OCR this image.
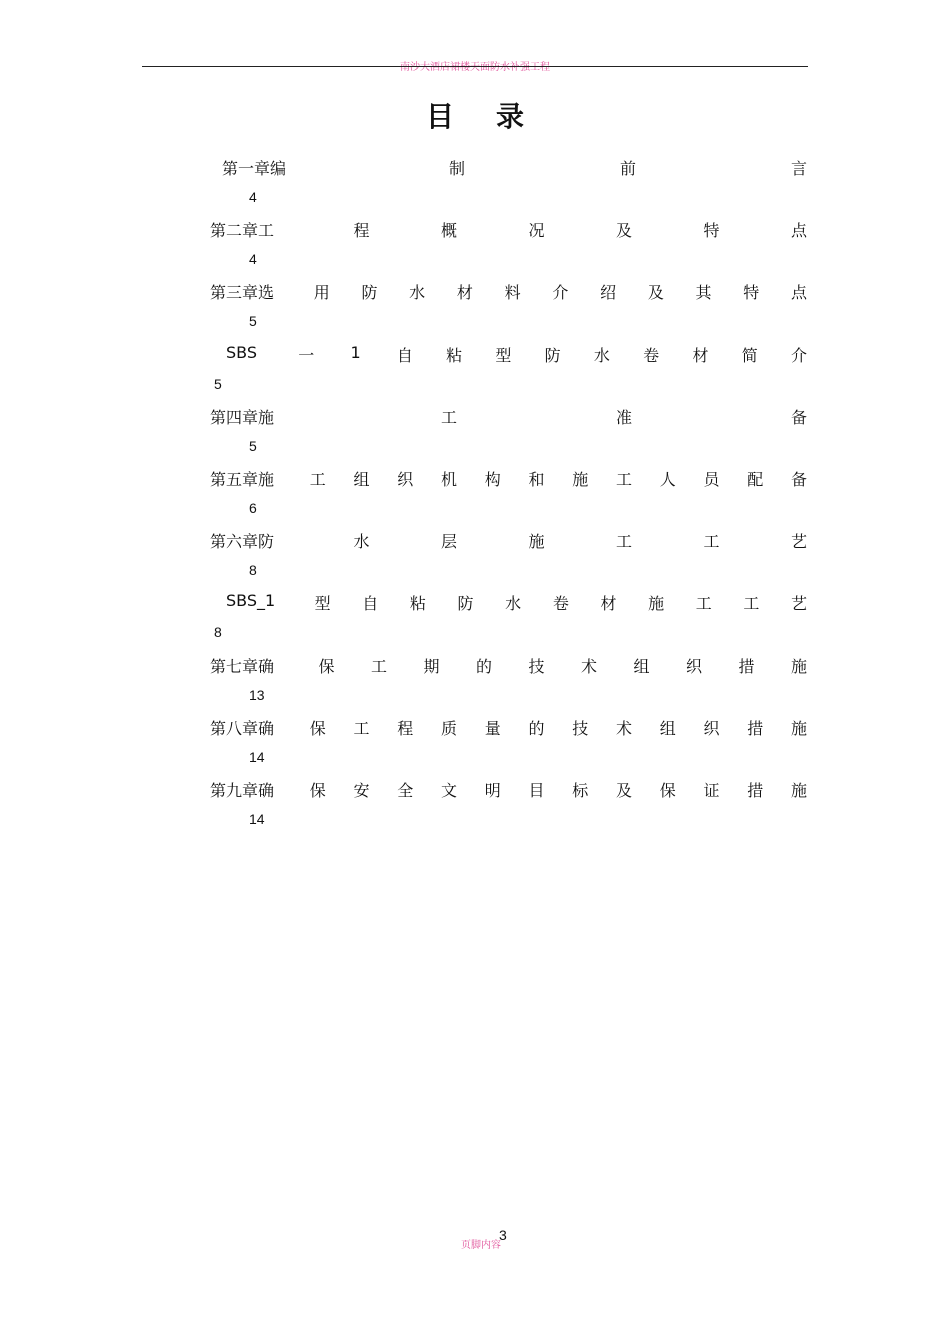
南沙大酒店裙楼天面防水补强工程
目录
第一章编	制	前	言
4
第二章工	程	概	况	及	特	点
4
第三章选 用 防 水 材 料 介 绍 及 其 特 点
5
SBS	一 1 自 粘 型 防 水 卷 材 简 介
5
第四章施	工	准	备
5
第五章施 工 组 织 机 构 和 施 工 人 员 配 备
6
第六章防	水	层	施	工	工	艺
8
SBS_1 型 自 粘 防 水 卷 材 施 工 工 艺
8
第七章确	保 工 期 的 技 术 组 织 措 施
13
第八章确 保 工 程 质 量 的 技 术 组 织 措 施
14
第九章确 保 安 全 文 明 目 标 及 保 证 措 施
14
页脚内容
3
